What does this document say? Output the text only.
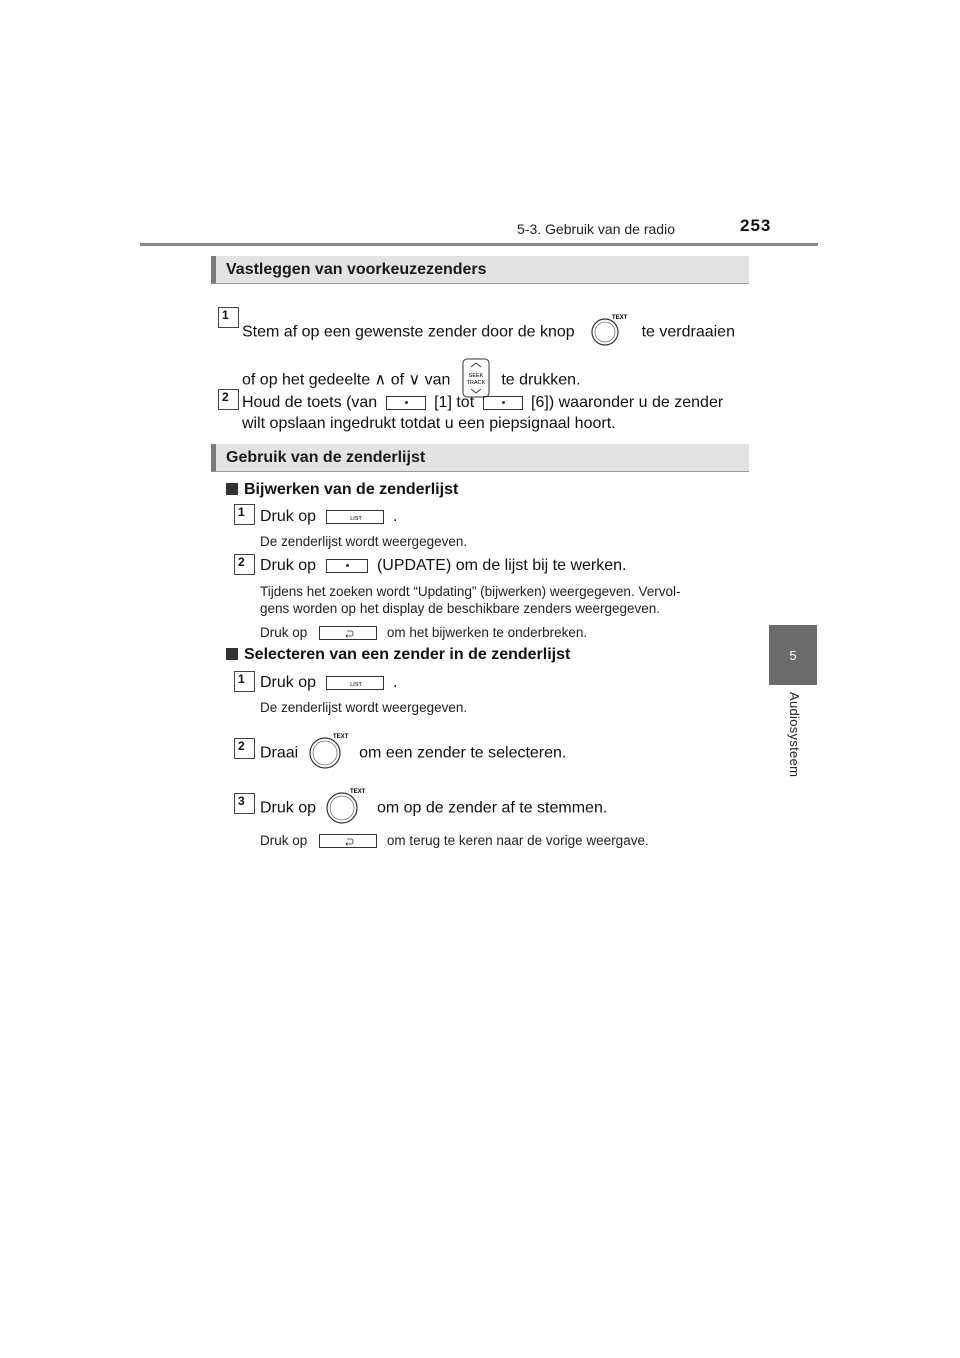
5-3. Gebruik van de radio	253
5
Audiosysteem
Vastleggen van voorkeuzezenders
1
Stem af op een gewenste zender door de knop
TEXT
te verdraaien
of op het gedeelte ∧ of ∨ van	SEEK
TRACK te drukken.
2 Houd de toets (van	[1] tot	[6]) waaronder u de zender
wilt opslaan ingedrukt totdat u een piepsignaal hoort.
Gebruik van de zenderlijst
Bijwerken van de zenderlijst
1 Druk op	LIST .
De zenderlijst wordt weergegeven.
2 Druk op	(UPDATE) om de lijst bij te werken.
Tijdens het zoeken wordt “Updating” (bijwerken) weergegeven. Vervol-
gens worden op het display de beschikbare zenders weergegeven.
Druk op	om het bijwerken te onderbreken.
Selecteren van een zender in de zenderlijst
1 Druk op	LIST .
De zenderlijst wordt weergegeven.
2 Draai
TEXT
om een zender te selecteren.
3 Druk op
TEXT
om op de zender af te stemmen.
Druk op	om terug te keren naar de vorige weergave.
